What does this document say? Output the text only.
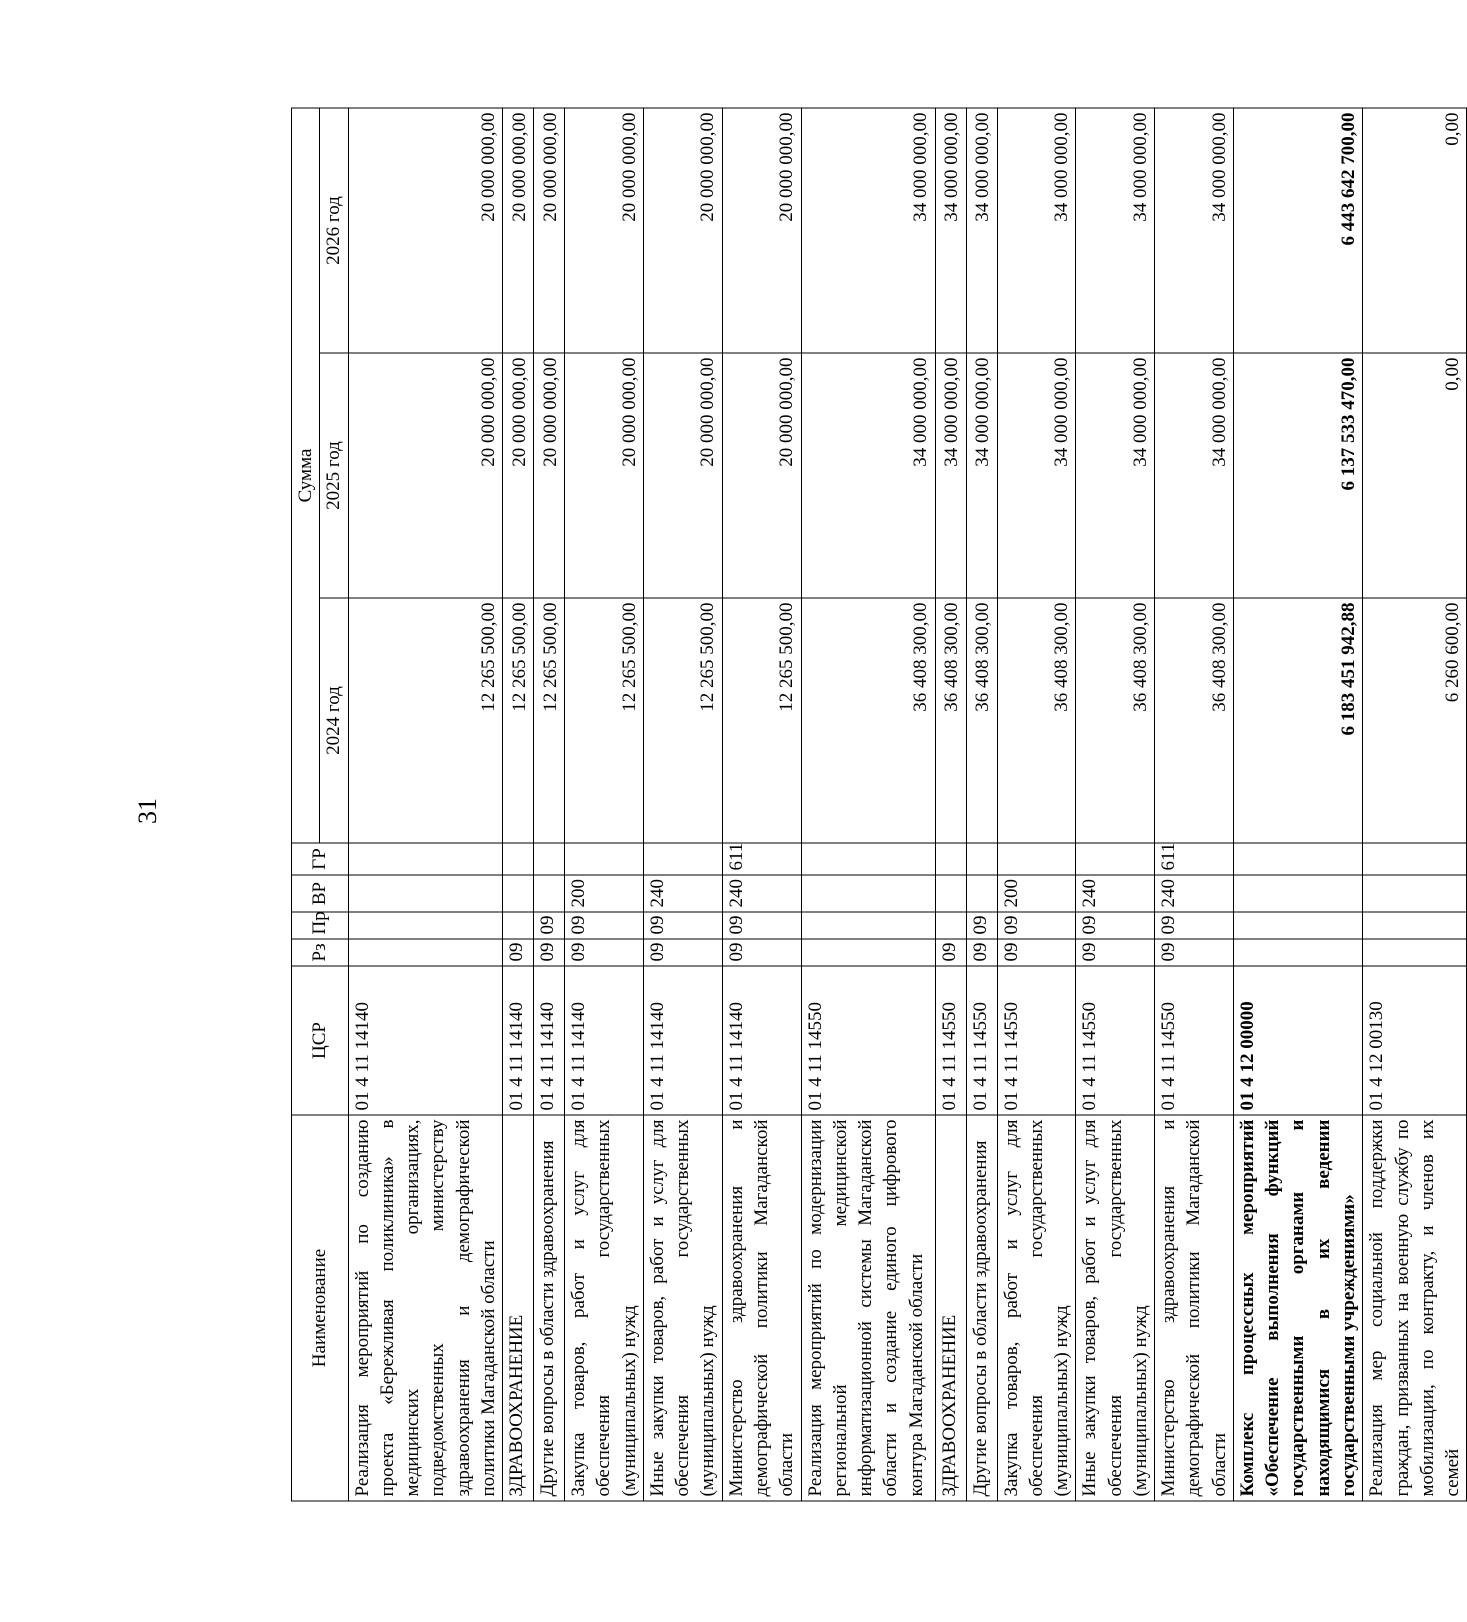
31
Наименование	ЦСР	Рз	Пр	ВР	ГР	Сумма		
						2024 год	2025 год	2026 год
Реализация мероприятий по созданию проекта «Бережливая поликлиника» в медицинских организациях, подведомственных министерству здравоохранения и демографической политики Магаданской области	01 4 11 14140					12 265 500,00	20 000 000,00	20 000 000,00
ЗДРАВООХРАНЕНИЕ	01 4 11 14140	09				12 265 500,00	20 000 000,00	20 000 000,00
Другие вопросы в области здравоохранения	01 4 11 14140	09	09			12 265 500,00	20 000 000,00	20 000 000,00
Закупка товаров, работ и услуг для обеспечения государственных (муниципальных) нужд	01 4 11 14140	09	09	200		12 265 500,00	20 000 000,00	20 000 000,00
Иные закупки товаров, работ и услуг для обеспечения государственных (муниципальных) нужд	01 4 11 14140	09	09	240		12 265 500,00	20 000 000,00	20 000 000,00
Министерство здравоохранения и демографической политики Магаданской области	01 4 11 14140	09	09	240	611	12 265 500,00	20 000 000,00	20 000 000,00
Реализация мероприятий по модернизации региональной медицинской информатизационной системы Магаданской области и создание единого цифрового контура Магаданской области	01 4 11 14550					36 408 300,00	34 000 000,00	34 000 000,00
ЗДРАВООХРАНЕНИЕ	01 4 11 14550	09				36 408 300,00	34 000 000,00	34 000 000,00
Другие вопросы в области здравоохранения	01 4 11 14550	09	09			36 408 300,00	34 000 000,00	34 000 000,00
Закупка товаров, работ и услуг для обеспечения государственных (муниципальных) нужд	01 4 11 14550	09	09	200		36 408 300,00	34 000 000,00	34 000 000,00
Иные закупки товаров, работ и услуг для обеспечения государственных (муниципальных) нужд	01 4 11 14550	09	09	240		36 408 300,00	34 000 000,00	34 000 000,00
Министерство здравоохранения и демографической политики Магаданской области	01 4 11 14550	09	09	240	611	36 408 300,00	34 000 000,00	34 000 000,00
Комплекс процессных мероприятий «Обеспечение выполнения функций государственными органами и находящимися в их ведении государственными учреждениями»	01 4 12 00000					6 183 451 942,88	6 137 533 470,00	6 443 642 700,00
Реализация мер социальной поддержки граждан, призванных на военную службу по мобилизации, по контракту, и членов их семей	01 4 12 00130					6 260 600,00	0,00	0,00
